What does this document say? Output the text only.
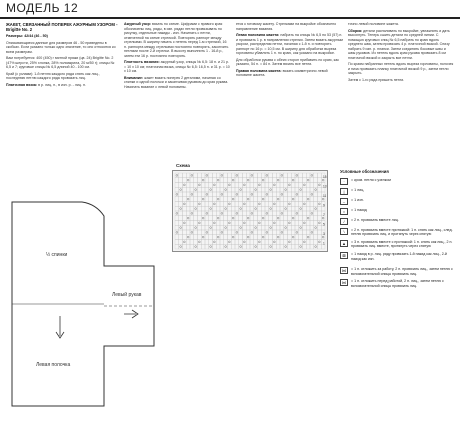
МОДЕЛЬ 12

ЖАКЕТ, СВЯЗАННЫЙ ПОПЕРЕК АЖУРНЫМ УЗОРОМ - Brigitte No. 2

Размеры: 42/44 (46 - 50)

Описывающиеся данные для размеров 46 - 50 приведены в скобках. Если указано только одно значение, то оно относится ко всем размерам.

Вам потребуется: 400 (450) г мятной пряжи (цв. 24) Brigitte No. 2 (47% шерсти, 25% хлопка, 28% полиакрила, 20 м/50 г); спицы № 6,5 и 7; круговые спицы № 6,5 длиной 40 - 100 см.

Край (с узлами): 1-й петлю каждого ряда снять как лиц., последнюю петлю каждого ряда провязать лиц.

Платочная вязка: в р. лиц. п., в изн. р. - лиц. п.

Ажурный узор: вязать по схеме. Цифрами с правого края обозначены лиц. ряды, в изн. рядах петли провязывать по рисунку, отдельные накиды - изн. Начинать с петли, отмеченной на схеме стрелкой. Повторять раппорт между стрелками. В ширину начать с петель перед 1-м стрелкой, 16 п. раппорта между стрелками постоянно повторять, закончить петлями после 2-й стрелки. В высоту выполнить 1 - 16-й р., затем эти 16 р. постоянно повторять.

Плотность вязания: ажурный узор, спицы № 6,5: 18 п. и 21 р. = 10 х 10 см; платочная вязка, спицы № 6,5: 16,5 п. и 31 р. = 10 х 10 см.

Внимание: жакет вязать поперек 2 деталями, начиная со спинки и одной полочки и заканчивая рукавом до края рукава. Начинать вязание с левой половины.

ется к готовому жакету. Стрелками на выкройке обозначено направление вязания.

Левая половина жакета: набрать на спицы № 6,5 по 53 (57) п. и провязать 1 р. в направлении стрелки. Затем вязать ажурным узором, распределяя петли, начиная с 1-й п. и повторять раппорт по 16 р. = 10,5 см. В ширину для обработки выреза горловины убавлять 1 п. по краю, как указано на выкройке.

Для обработки рукава с обеих сторон прибавить по краю, как указано, 54 п. = 84 п. Затем вязать все петли.

Правая половина жакета: вязать симметрично левой половине жакета.

тично левой половине жакета.

Сборка: детали распяливать по выкройке, увлажнить и дать высохнуть. Теперь сшить детали по средней линии. С помощью круговых спиц № 6,5 набрать по краю вдоль среднего шва, затем провязать 4 р. платочной вязкой. Снизу набрать 9 изн. р. планки. Затем соединять боковые швы и швы рукавов. Из петель вдоль края рукава провязать 8 см платочной вязкой и закрыть все петли.

По краям набранных петель вдоль выреза горловины, полочек и низа провязать планку платочной вязкой 9 р., затем петли закрыть.

Затем с 1-го ряда пришить петли.

½ спинки
Левая полочка
Левый рукав
Схема
15
13
11
9
7
5
3
1
Условные обозначения
·	= кром. петля с узелком
|	= 1 лиц.
–	= 1 изн.
○	= 1 накид
/	= 2 п. провязать вместе лиц.
\	= 2 п. провязать вместе протяжкой: 1 п. снять как лиц., след. петлю провязать лиц. и протянуть через снятую
▲	= 3 п. провязать вместе с протяжкой: 1 п. снять как лиц., 2 п. провязать лиц. вместе, протянуть через снятую
⊠	= 1 накид в р. лиц. ряду провязать 1-й накид как лиц., 2-й накид как изн.
⋈	= 1 п. отложить за работу, 2 п. провязать лиц., затем петлю с вспомогательной спицы провязать лиц.
⋈	= 1 п. отложить перед работой, 2 п. лиц., затем петлю с вспомогательной спицы провязать лиц.
